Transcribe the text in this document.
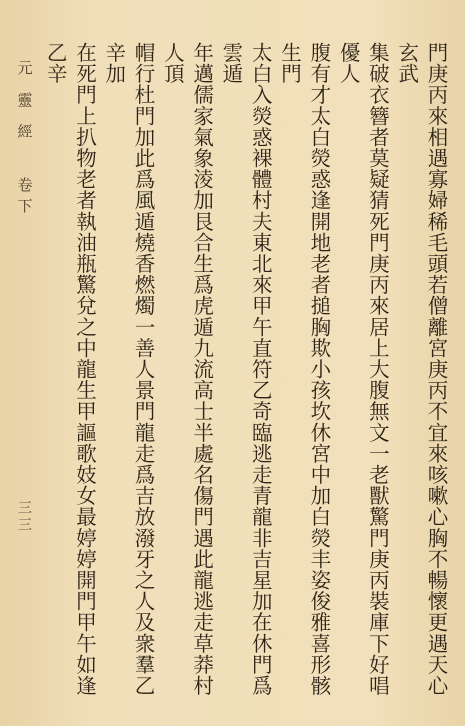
元 靈 經
卷下
三三	門庚丙來相遇寡婦稀毛頭若僧離宮庚丙不宜來咳嗽心胸不暢懷更遇天心玄武
集破衣簪者莫疑猜死門庚丙來居上大腹無文一老獸驚門庚丙裝庫下好唱優人
腹有才太白熒惑逢開地老者搥胸欺小孩坎休宮中加白熒丰姿俊雅喜形骸生門
太白入熒惑裸體村夫東北來甲午直符乙奇臨逃走青龍非吉星加在休門爲雲遁
年邁儒家氣象淩加艮合生爲虎遁九流高士半處名傷門遇此龍逃走草莽村人頂
帽行杜門加此爲風遁燒香燃燭一善人景門龍走爲吉放潑牙之人及衆羣乙辛加
在死門上扒物老者執油瓶驚兌之中龍生甲謳歌妓女最婷婷開門甲午如逢乙辛
